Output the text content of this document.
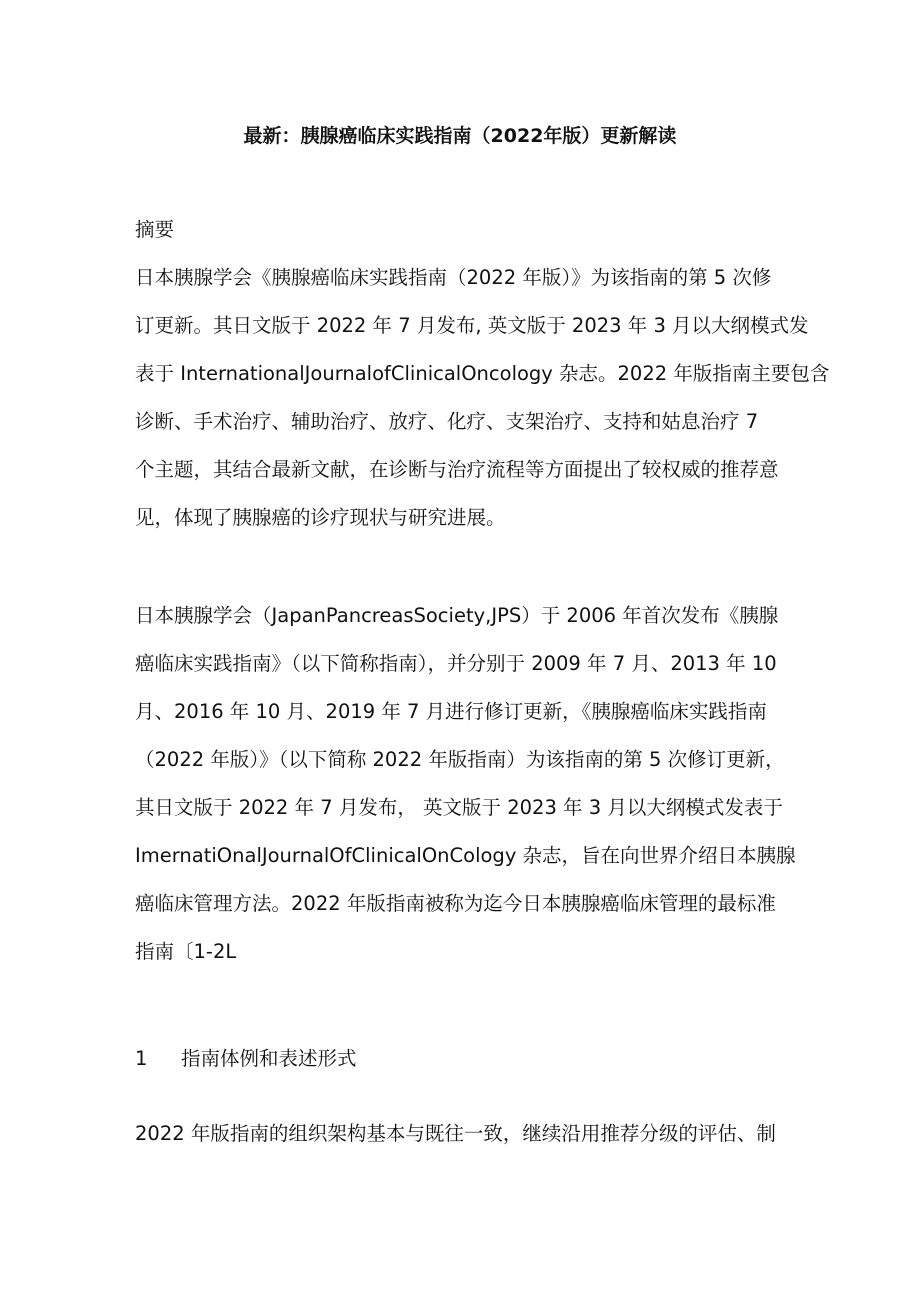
最新：胰腺癌临床实践指南（2022年版）更新解读
摘要
日本胰腺学会《胰腺癌临床实践指南（2022 年版）》为该指南的第 5 次修
订更新。其日文版于 2022 年 7 月发布, 英文版于 2023 年 3 月以大纲模式发
表于 InternationalJournalofClinicalOncology 杂志。2022 年版指南主要包含
诊断、手术治疗、辅助治疗、放疗、化疗、支架治疗、支持和姑息治疗 7
个主题，其结合最新文献，在诊断与治疗流程等方面提出了较权威的推荐意
见，体现了胰腺癌的诊疗现状与研究进展。
日本胰腺学会（JapanPancreasSociety,JPS）于 2006 年首次发布《胰腺
癌临床实践指南》（以下简称指南），并分别于 2009 年 7 月、2013 年 10
月、2016 年 10 月、2019 年 7 月进行修订更新，《胰腺癌临床实践指南
（2022 年版）》（以下简称 2022 年版指南）为该指南的第 5 次修订更新，
其日文版于 2022 年 7 月发布， 英文版于 2023 年 3 月以大纲模式发表于
ImernatiOnalJournalOfClinicalOnCology 杂志，旨在向世界介绍日本胰腺
癌临床管理方法。2022 年版指南被称为迄今日本胰腺癌临床管理的最标准
指南〔1-2L
1 指南体例和表述形式
2022 年版指南的组织架构基本与既往一致，继续沿用推荐分级的评估、制
